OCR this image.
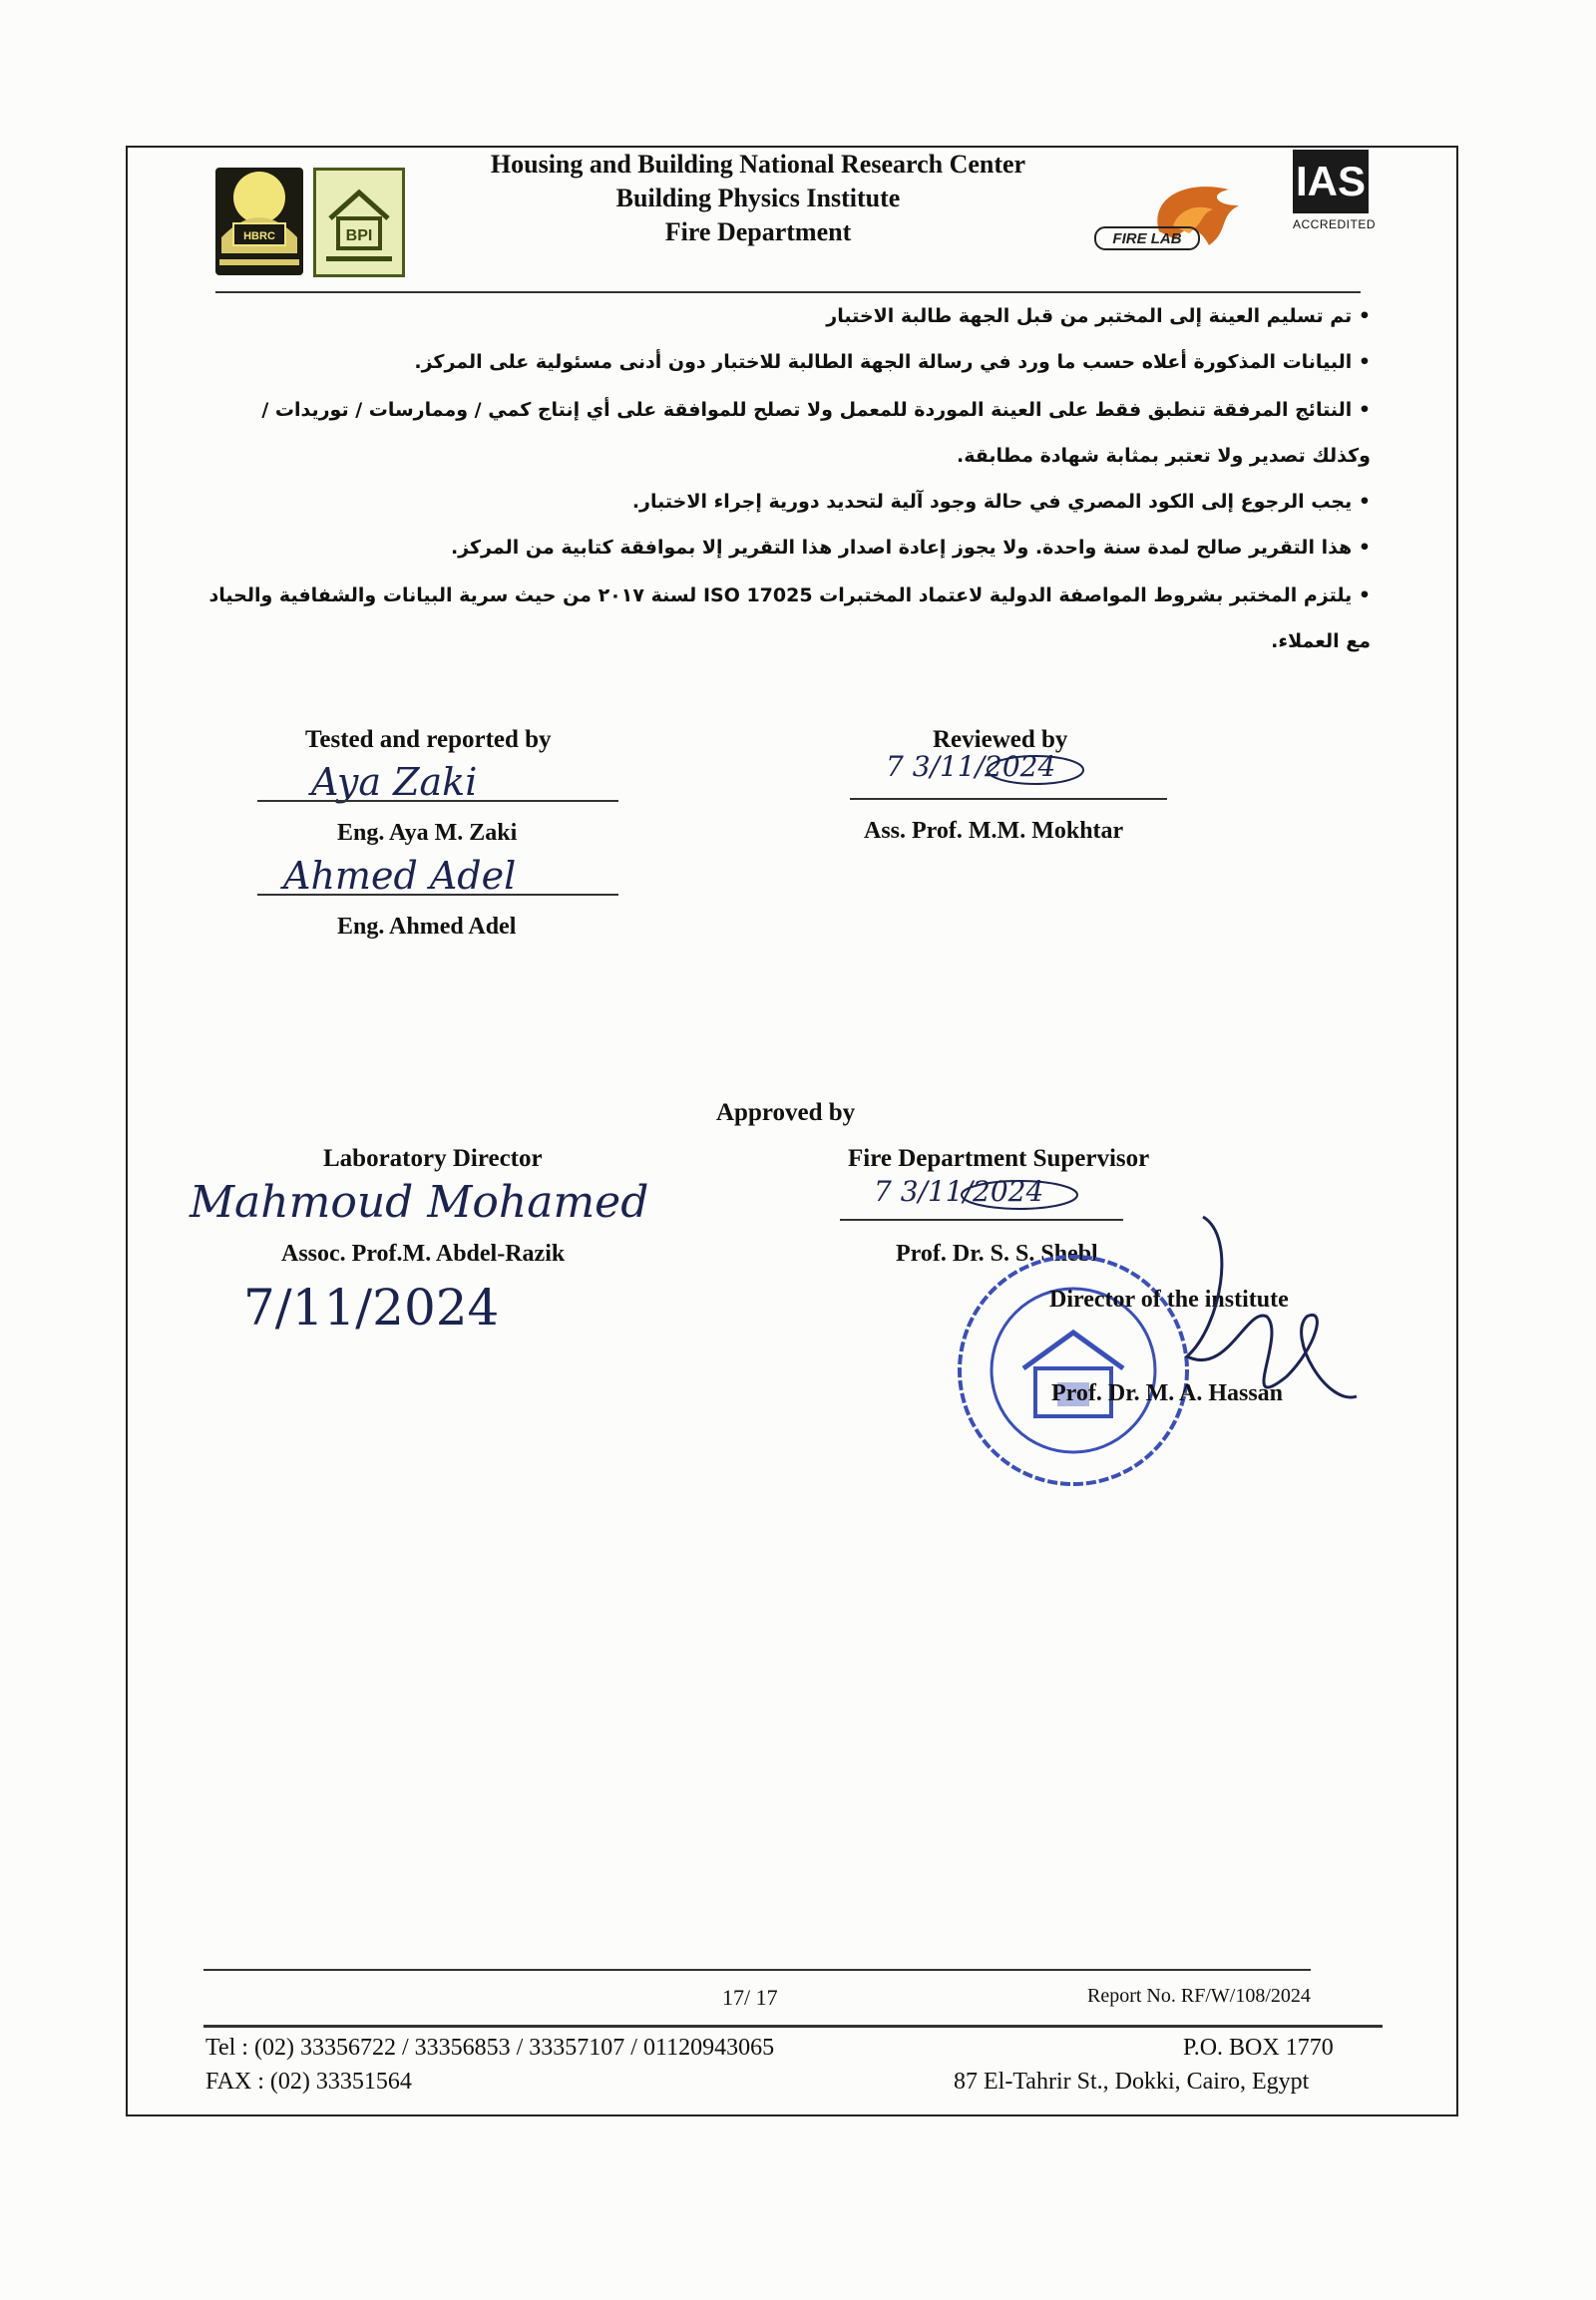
HBRC	BPI
Housing and Building National Research Center
Building Physics Institute
Fire Department	FIRE LAB
IAS
ACCREDITED
• تم تسليم العينة إلى المختبر من قبل الجهة طالبة الاختبار
• البيانات المذكورة أعلاه حسب ما ورد في رسالة الجهة الطالبة للاختبار دون أدنى مسئولية على المركز.
• النتائج المرفقة تنطبق فقط على العينة الموردة للمعمل ولا تصلح للموافقة على أي إنتاج كمي / وممارسات / توريدات / وكذلك تصدير ولا تعتبر بمثابة شهادة مطابقة.
• يجب الرجوع إلى الكود المصري في حالة وجود آلية لتحديد دورية إجراء الاختبار.
• هذا التقرير صالح لمدة سنة واحدة. ولا يجوز إعادة اصدار هذا التقرير إلا بموافقة كتابية من المركز.
• يلتزم المختبر بشروط المواصفة الدولية لاعتماد المختبرات ISO 17025 لسنة ٢٠١٧ من حيث سرية البيانات والشفافية والحياد مع العملاء.
Tested and reported by
Aya Zaki
Eng. Aya M. Zaki
Ahmed Adel
Eng. Ahmed Adel
Reviewed by
7 3/11/2024
Ass. Prof. M.M. Mokhtar
Approved by
Laboratory Director
Mahmoud Mohamed
Assoc. Prof.M. Abdel-Razik
7/11/2024
Fire Department Supervisor
7 3/11/2024
Prof. Dr. S. S. Shebl
Director of the institute
Prof. Dr. M. A. Hassan
17/ 17	Report No. RF/W/108/2024
Tel : (02) 33356722 / 33356853 / 33357107 / 01120943065
FAX : (02) 33351564
P.O. BOX 1770
87 El-Tahrir St., Dokki, Cairo, Egypt
